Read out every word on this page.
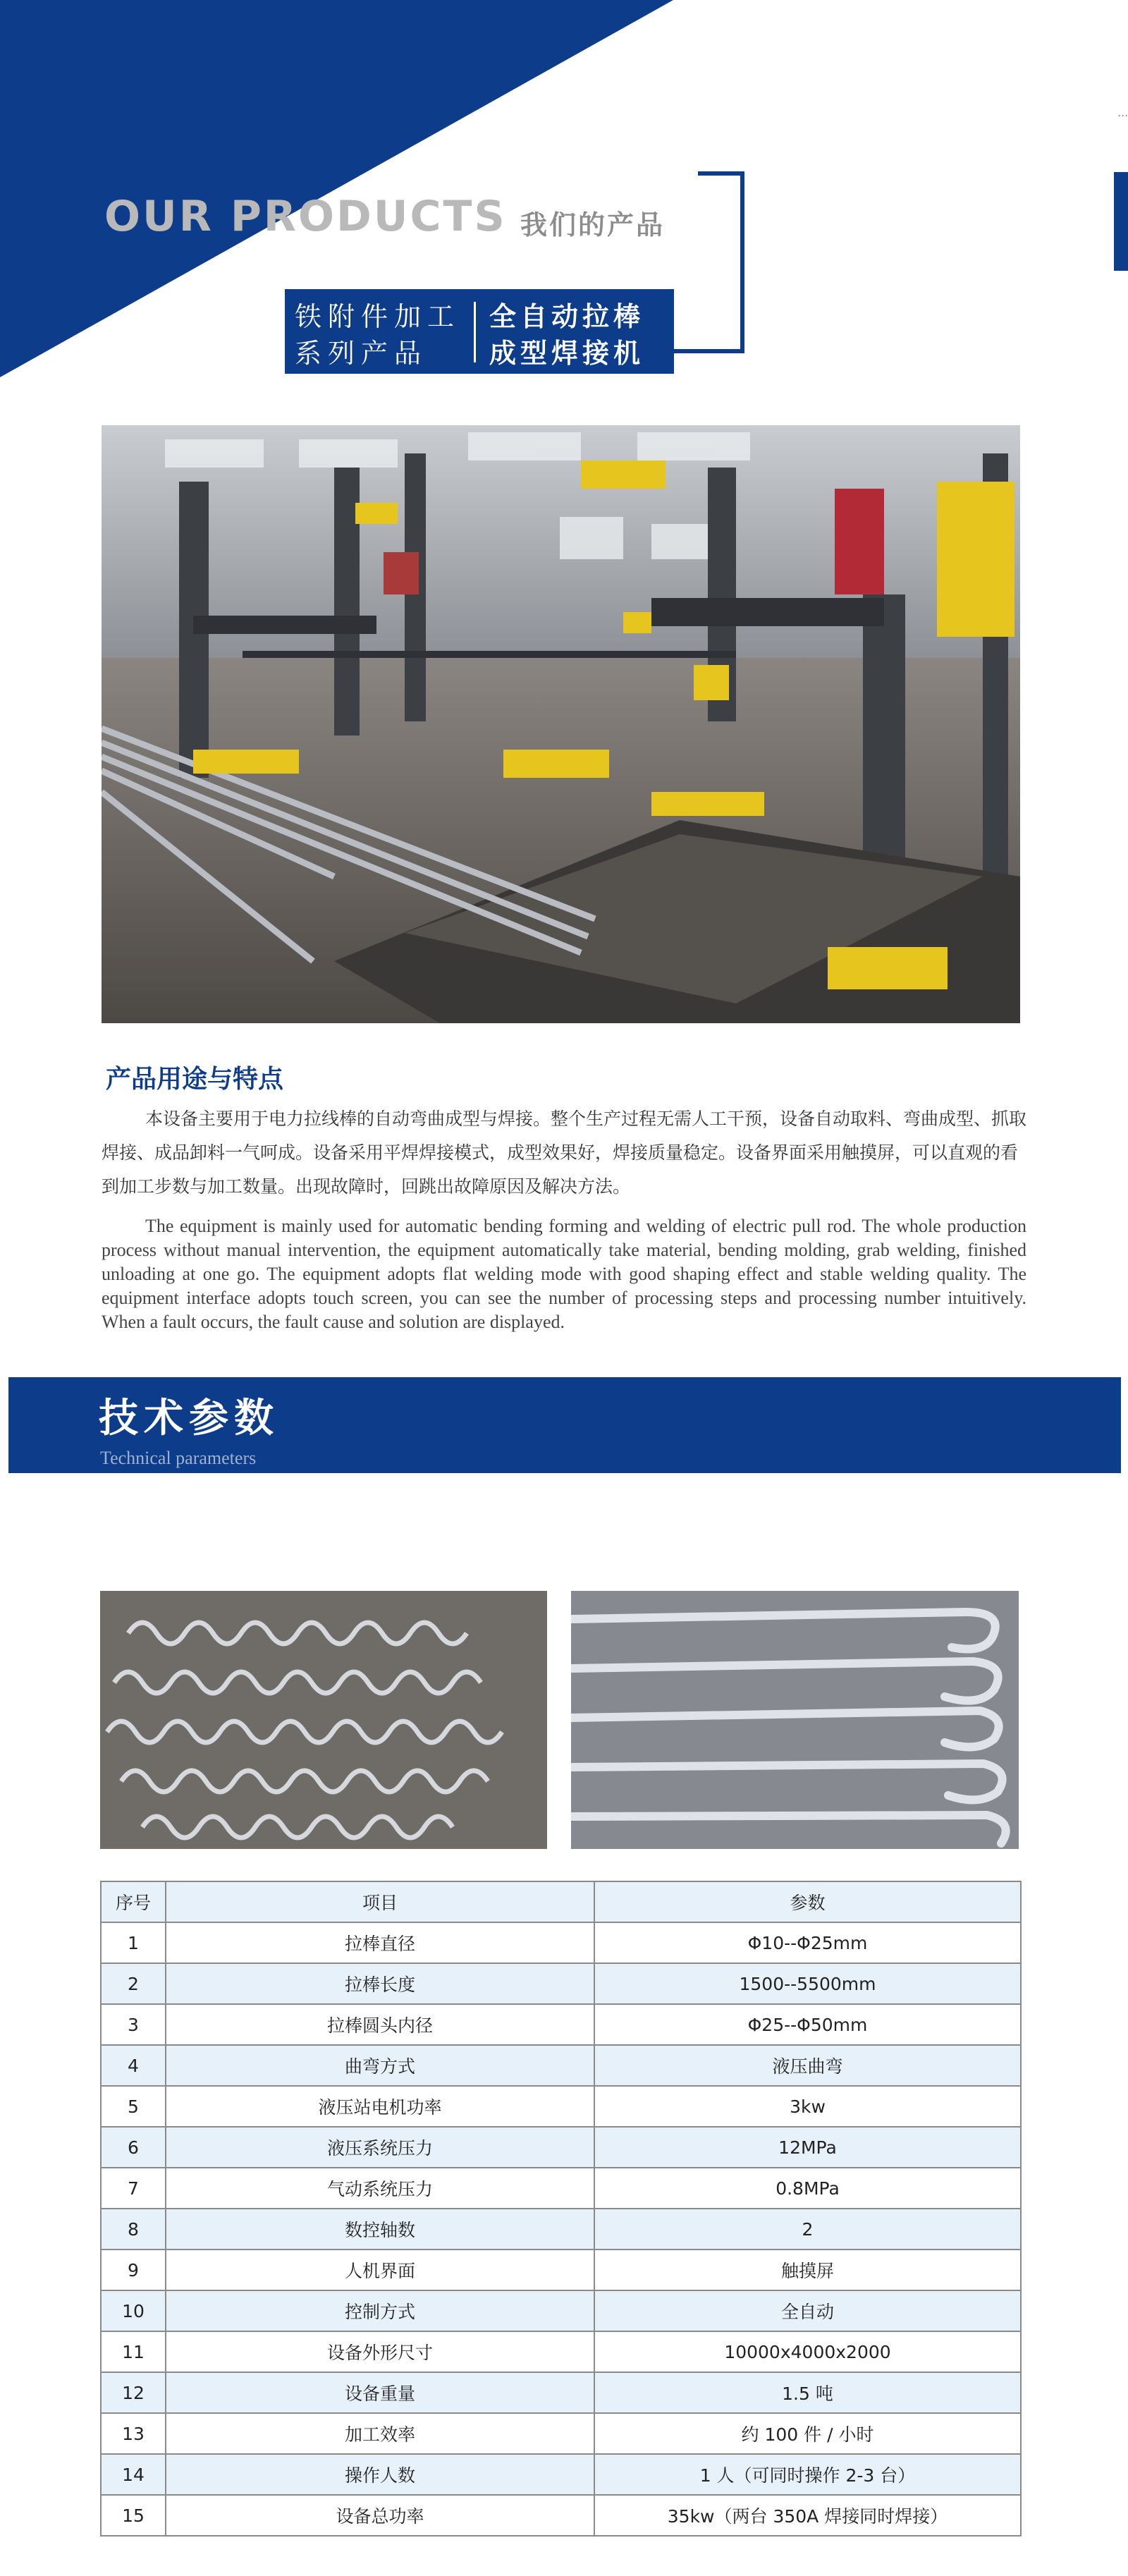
...
OUR PRODUCTS 我们的产品
铁附件加工
系列产品
全自动拉棒
成型焊接机
产品用途与特点
本设备主要用于电力拉线棒的自动弯曲成型与焊接。整个生产过程无需人工干预，设备自动取料、弯曲成型、抓取焊接、成品卸料一气呵成。设备采用平焊焊接模式，成型效果好，焊接质量稳定。设备界面采用触摸屏，可以直观的看到加工步数与加工数量。出现故障时，回跳出故障原因及解决方法。
The equipment is mainly used for automatic bending forming and welding of electric pull rod. The whole production process without manual intervention, the equipment automatically take material, bending molding, grab welding, finished unloading at one go. The equipment adopts flat welding mode with good shaping effect and stable welding quality. The equipment interface adopts touch screen, you can see the number of processing steps and processing number intuitively. When a fault occurs, the fault cause and solution are displayed.
技术参数
Technical parameters
序号	项目	参数
1	拉棒直径	Φ10--Φ25mm
2	拉棒长度	1500--5500mm
3	拉棒圆头内径	Φ25--Φ50mm
4	曲弯方式	液压曲弯
5	液压站电机功率	3kw
6	液压系统压力	12MPa
7	气动系统压力	0.8MPa
8	数控轴数	2
9	人机界面	触摸屏
10	控制方式	全自动
11	设备外形尺寸	10000x4000x2000
12	设备重量	1.5 吨
13	加工效率	约 100 件 / 小时
14	操作人数	1 人（可同时操作 2-3 台）
15	设备总功率	35kw（两台 350A 焊接同时焊接）
